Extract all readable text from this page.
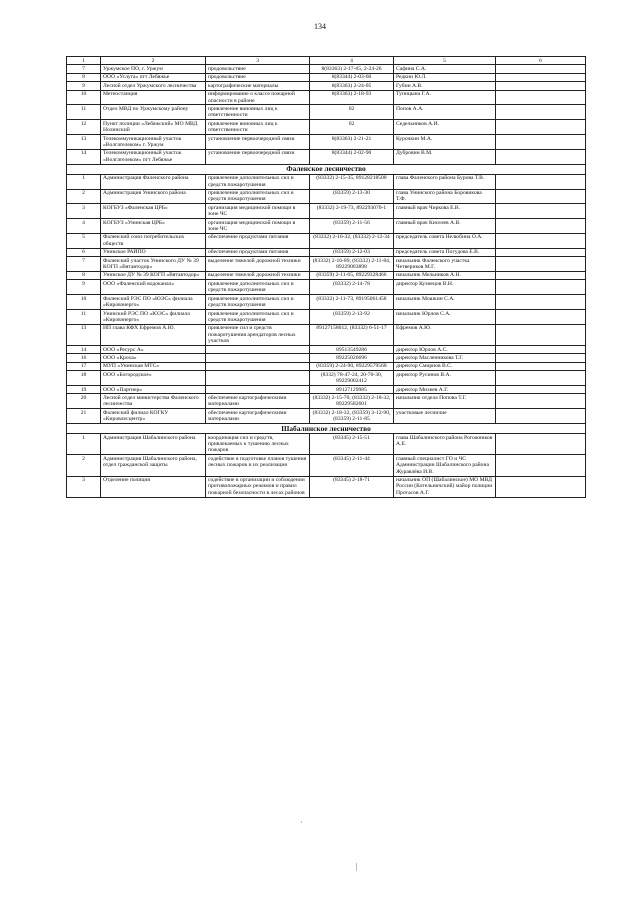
134
1	2	3	4	5	6
7	Уржумское ПО, г. Уржум	продовольствие	8(83363) 2-17-65, 2-24-26	Сафина С.А.	
8	ООО «Услуга» пгт Лебяжье	продовольствие	8(83344) 2-03-60	Редкин Ю.Л.	
9	Лесной отдел Уржумского лесничества	картографические материалы	8(83363) 2-24-05	Губин А.В.	
10	Метеостанция	информирование о классе пожарной опасности в районе	8(83363) 2-18-93	Тупицына Г.А.	
11	Отдел МВД по Уржумскому району	привлечение виновных лиц к ответственности	02	Попов А.А.	
12	Пункт полиции «Лебяжский» МО МВД Нолинский	привлечение виновных лиц к ответственности	02	Седельников А.И.	
13	Телекоммуникационный участок «Волгателеком» г. Уржум	установление первоочередной связи	8(83363) 2-21-21	Курочкин М.А.	
14	Телекоммуникационный участок «Волгателеком» пгт Лебяжье	установление первоочередной связи	8(83344) 2-02-90	Дубровин В.М.	
Фаленское лесничество					
1	Администрация Фаленского района	привлечение дополнительных сил и средств пожаротушения	(83332) 2-15-35, 89128218508	глава Фаленского района Бурова Т.В.	
2	Администрация Унинского района	привлечение дополнительных сил и средств пожаротушения	(83359) 2-13-30	глава Унинского района Боровикова Т.Ф.	
3	КОГБУЗ «Фаленская ЦРБ»	организация медицинской помощи в зоне ЧС	(83332) 2-19-73, 892293070-1	главный врач Чиркова Е.В.	
4	КОГБУЗ «Унинская ЦРБ»	организация медицинской помощи в зоне ЧС	(83359) 2-11-56	главный врач Киселев А.В.	
5	Фаленский союз потребительских обществ	обеспечение продуктами питания	(83332) 2-16-32, (83332) 2-12-34	председатель совета Нелюбина О.А.	
6	Унинское РАЙПО	обеспечение продуктами питания	(83359) 2-12-03	председатель совета Погудова Е.В.	
7	Фаленский участок Унинского ДУ № 39 КОГП «Вятавтодор»	выделение тяжелой дорожной техники	(83332) 2-16-89, (83332) 2-11-84, 89229003898	начальник Фаленского участка Четвериков М.Г.	
8	Унинское ДУ № 39 КОГП «Вятавтодор»	выделение тяжелой дорожной техники	(83359) 2-11-65, 89229328466	начальник Мельников А.Н.	
9	ООО «Фаленский водоканал»	привлечение дополнительных сил и средств пожаротушения	(83332) 2-14-78	директор Кузнецов В.Н.	
10	Фаленский РЭС ПО «ЮЭС» филиала «Кировэнерго»	привлечение дополнительных сил и средств пожаротушения	(83332) 2-11-73, 89195061458	начальник Мошкин С.А.	
11	Унинский РЭС ПО «ЮЭС» филиала «Кировэнерго»	привлечение дополнительных сил и средств пожаротушения	(83359) 2-13-92	начальник Юрлов С.А.	
13	ИП глава КФХ Ефремов А.Ю.	привлечение сил и средств пожаротушения арендаторов лесных участков	89127158012, (83332) 6-51-17	Ефремов А.Ю.	
14	ООО «Ресурс А»		89513549286	директор Юрлов А.С.	
16	ООО «Кроха»		89225026696	директор Масленникова Т.Г.	
17	МУП «Унинская МТС»		(83359) 2-24-90, 89229579568	директор Смирнов В.С.	
18	ООО «Богородское»		(8332) 78-47-24, 20-70-30, 89229002412	директор Русинов В.А.	
19	ООО «Партнер»		89127129985	директор Михеев А.Г.	
20	Лесной отдел министерства Фаленского лесничества	обеспечение картографическими материалами	(83332) 2-15-70, (83332) 2-18-32, 89229582601	начальник отдела Попова Т.Г.	
21	Фаленский филиал КОГКУ «Кировлесцентр»	обеспечение картографическими материалами	(83332) 2-18-32, (83359) 3-12-90, (83359) 2-11-85	участковые лесничие	
Шабалинское лесничество					
1	Администрация Шабалинского района	координация сил и средств, привлекаемых к тушению лесных пожаров	(83345) 2-15-51	глава Шабалинского района Рогожников А.Е.	
2	Администрация Шабалинского района, отдел гражданской защиты	содействие в подготовке планов тушения лесных пожаров и их реализация	(83345) 2-11-44	главный специалист ГО и ЧС Администрации Шабалинского района Журавлёва И.В.	
3	Отделение полиции	содействие в организации и соблюдении противопожарных режимов и правил пожарной безопасности в лесах районов	(83345) 2-18-71	начальник ОП (Шабалинское) МО МВД России (Котельничский) майор полиции Протасов А.Г.	
·
|
